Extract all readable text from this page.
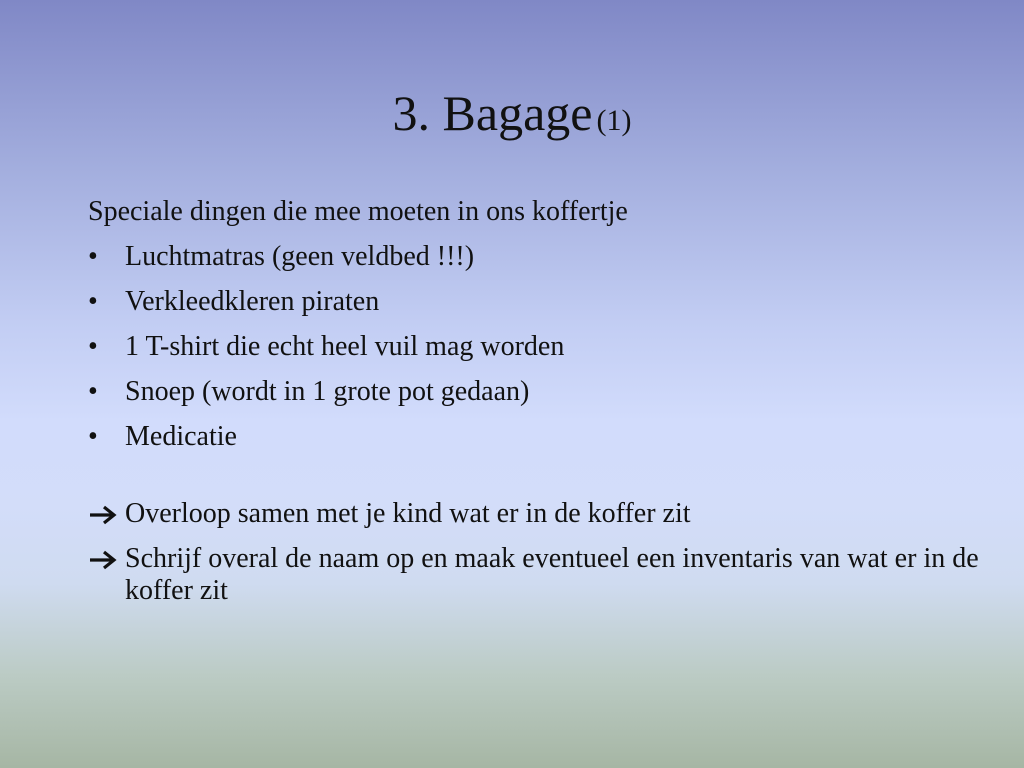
3. Bagage (1)

Speciale dingen die mee moeten in ons koffertje

• Luchtmatras (geen veldbed !!!)
• Verkleedkleren piraten
• 1 T-shirt die echt heel vuil mag worden
• Snoep (wordt in 1 grote pot gedaan)
• Medicatie
Overloop samen met je kind wat er in de koffer zit
Schrijf overal de naam op en maak eventueel een inventaris van wat er in de koffer zit
